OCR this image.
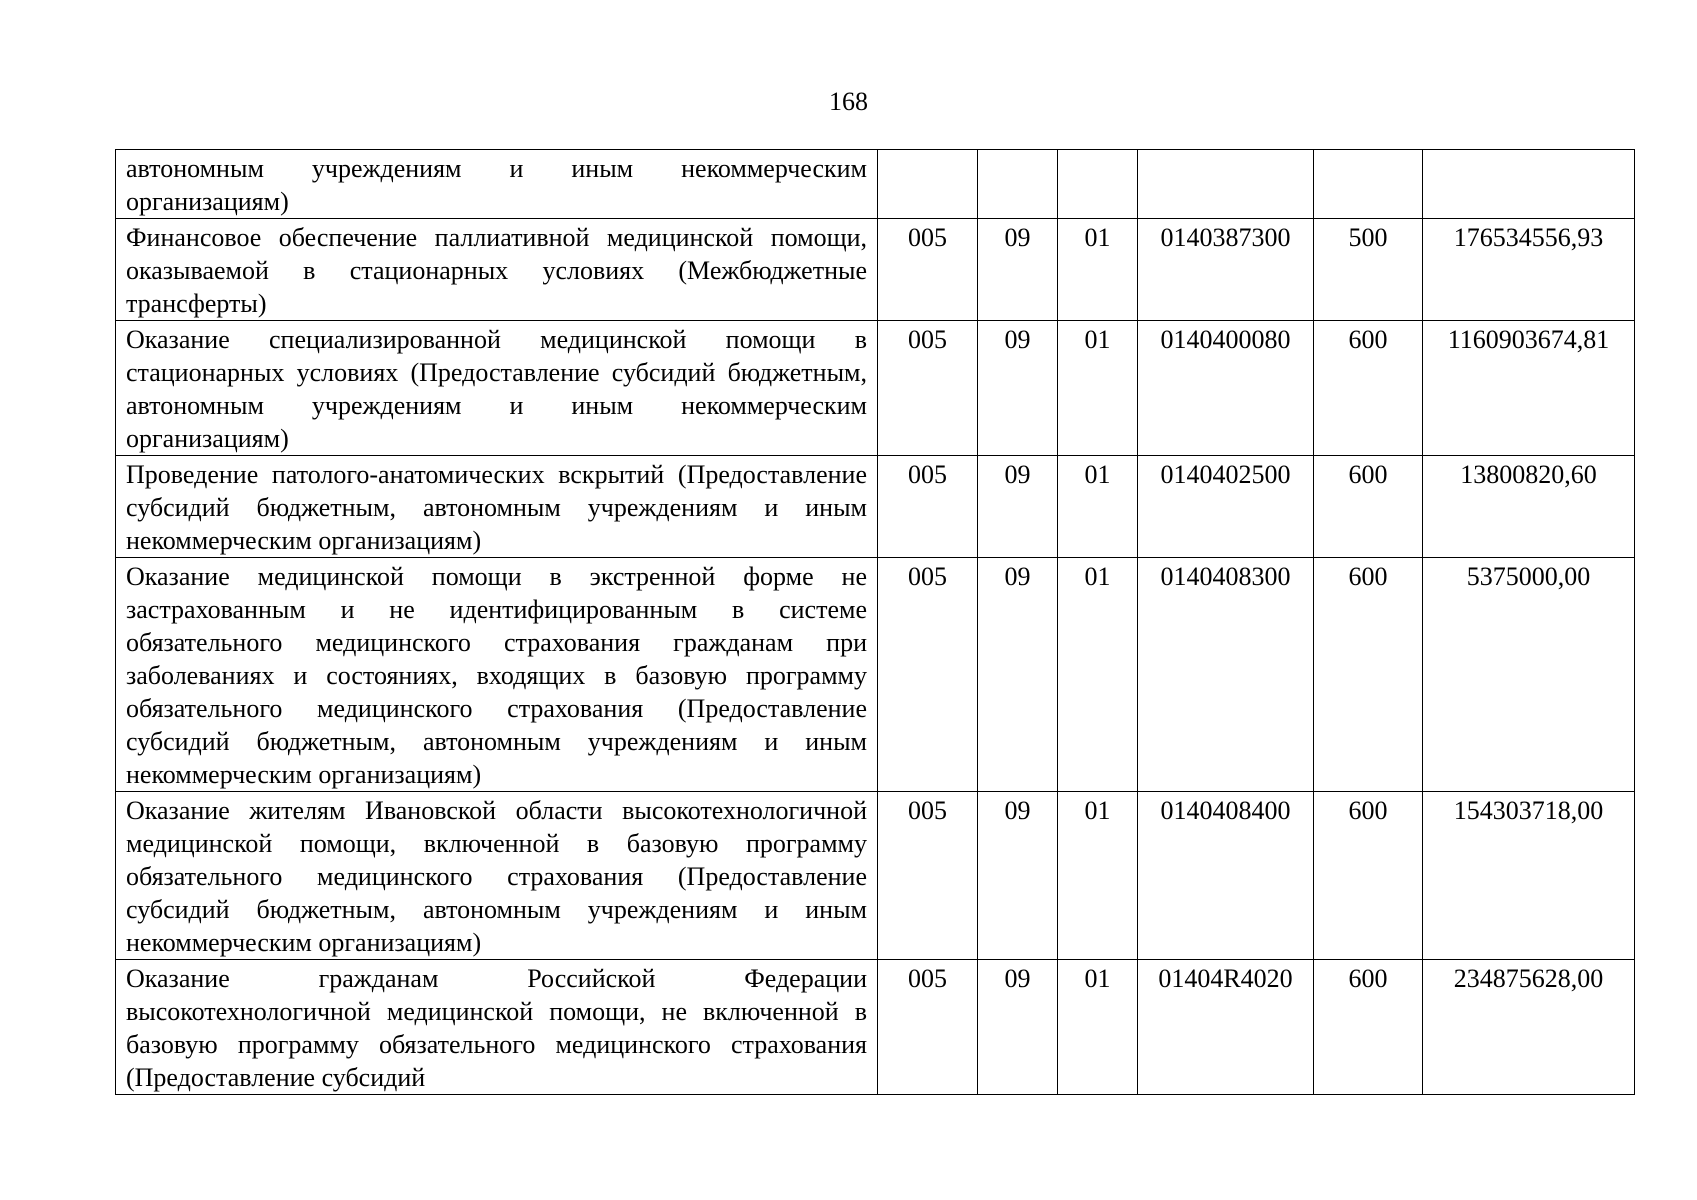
168
автономным учреждениям и иным некоммерческим организациям)						
Финансовое обеспечение паллиативной медицинской помощи, оказываемой в стационарных условиях (Межбюджетные трансферты)	005	09	01	0140387300	500	176534556,93
Оказание специализированной медицинской помощи в стационарных условиях (Предоставление субсидий бюджетным, автономным учреждениям и иным некоммерческим организациям)	005	09	01	0140400080	600	1160903674,81
Проведение патолого-анатомических вскрытий (Предоставление субсидий бюджетным, автономным учреждениям и иным некоммерческим организациям)	005	09	01	0140402500	600	13800820,60
Оказание медицинской помощи в экстренной форме не застрахованным и не идентифицированным в системе обязательного медицинского страхования гражданам при заболеваниях и состояниях, входящих в базовую программу обязательного медицинского страхования (Предоставление субсидий бюджетным, автономным учреждениям и иным некоммерческим организациям)	005	09	01	0140408300	600	5375000,00
Оказание жителям Ивановской области высокотехнологичной медицинской помощи, включенной в базовую программу обязательного медицинского страхования (Предоставление субсидий бюджетным, автономным учреждениям и иным некоммерческим организациям)	005	09	01	0140408400	600	154303718,00
Оказание гражданам Российской Федерации высокотехнологичной медицинской помощи, не включенной в базовую программу обязательного медицинского страхования (Предоставление субсидий	005	09	01	01404R4020	600	234875628,00
